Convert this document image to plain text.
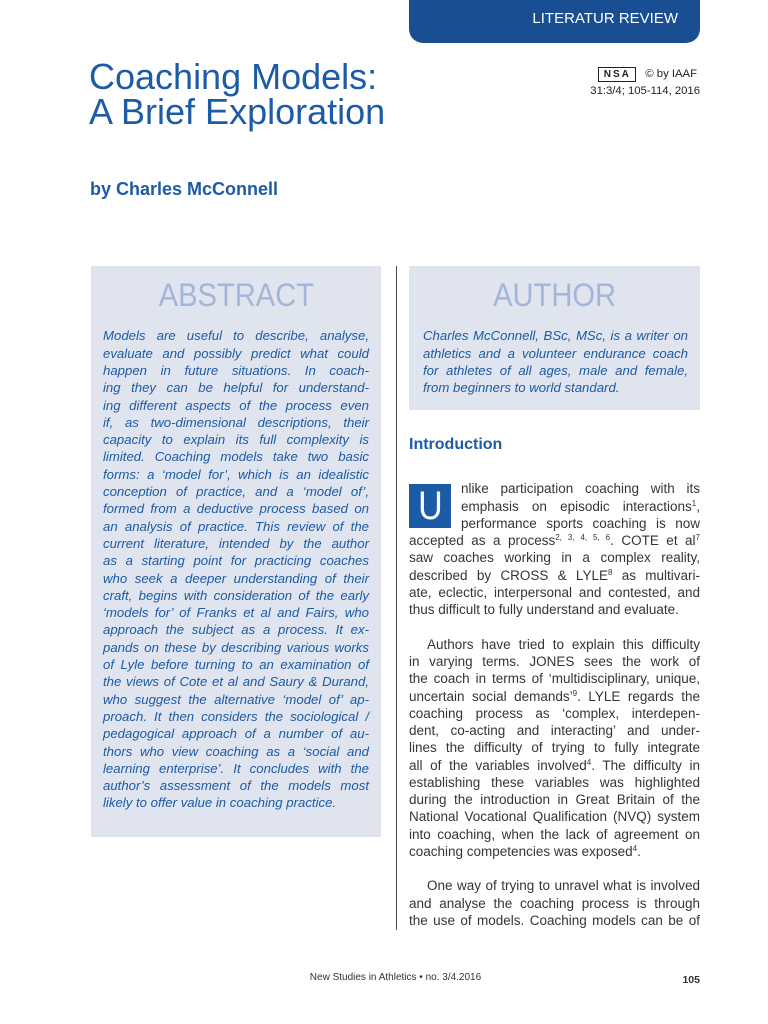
LITERATUR REVIEW
Coaching Models:
A Brief Exploration
NSA	© by IAAF
31:3/4; 105-114, 2016
by Charles McConnell
ABSTRACT
Models are useful to describe, analyse,
evaluate and possibly predict what could
happen in future situations. In coach-
ing they can be helpful for understand-
ing different aspects of the process even
if, as two-dimensional descriptions, their
capacity to explain its full complexity is
limited. Coaching models take two basic
forms: a ‘model for’, which is an idealistic
conception of practice, and a ‘model of’,
formed from a deductive process based on
an analysis of practice. This review of the
current literature, intended by the author
as a starting point for practicing coaches
who seek a deeper understanding of their
craft, begins with consideration of the early
‘models for’ of Franks et al and Fairs, who
approach the subject as a process. It ex-
pands on these by describing various works
of Lyle before turning to an examination of
the views of Cote et al and Saury & Durand,
who suggest the alternative ‘model of’ ap-
proach. It then considers the sociological /
pedagogical approach of a number of au-
thors who view coaching as a ‘social and
learning enterprise’. It concludes with the
author’s assessment of the models most
likely to offer value in coaching practice.
AUTHOR
Charles McConnell, BSc, MSc, is a writer on
athletics and a volunteer endurance coach
for athletes of all ages, male and female,
from beginners to world standard.
Introduction
U	nlike participation coaching with its
emphasis on episodic interactions$^1$,
performance sports coaching is now
accepted as a process$^{2, 3, 4, 5, 6}$. COTE et $al^7$
saw coaches working in a complex reality,
described by CROSS & LYLE$^8$ as multivari-
ate, eclectic, interpersonal and contested, and
thus difficult to fully understand and evaluate.
Authors have tried to explain this difficulty
in varying terms. JONES sees the work of
the coach in terms of ‘multidisciplinary, unique,
uncertain social demands’$^9$. LYLE regards the
coaching process as ‘complex, interdepen-
dent, co-acting and interacting’ and under-
lines the difficulty of trying to fully integrate
all of the variables involved$^4$. The difficulty in
establishing these variables was highlighted
during the introduction in Great Britain of the
National Vocational Qualification (NVQ) system
into coaching, when the lack of agreement on
coaching competencies was exposed$^4$.
One way of trying to unravel what is involved
and analyse the coaching process is through
the use of models. Coaching models can be of
New Studies in Athletics • no. 3/4.2016	105
